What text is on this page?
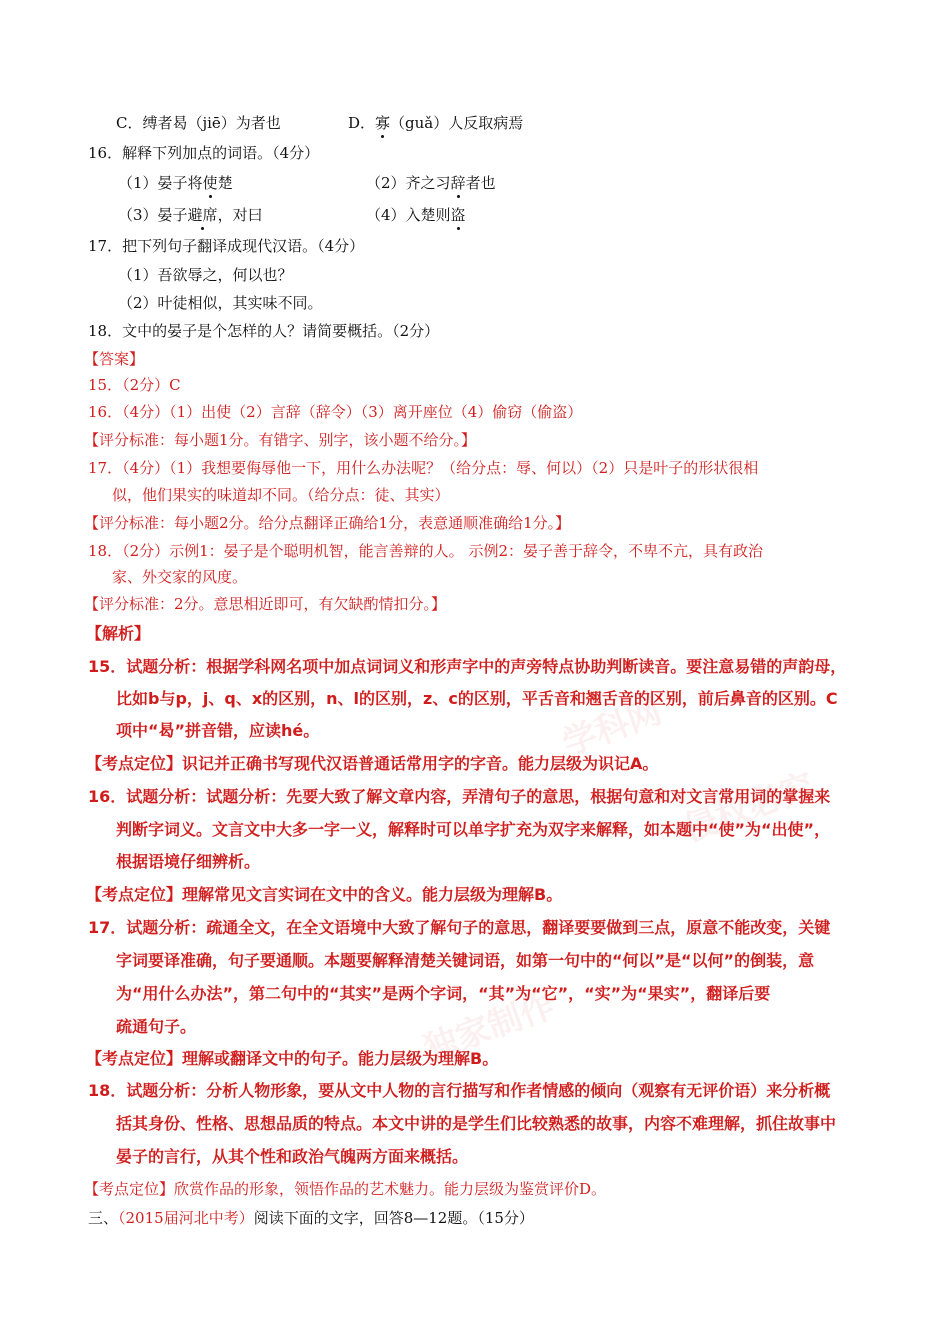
学科网
侵权必究
独家制作
C．缚者曷（jiē）为者也	D．寡（guǎ）人反取病焉
16．解释下列加点的词语。（4分）
（1）晏子将使楚	（2）齐之习辞者也
（3）晏子避席，对曰	（4）入楚则盗
17．把下列句子翻译成现代汉语。（4分）
（1）吾欲辱之，何以也？
（2）叶徒相似，其实味不同。
18．文中的晏子是个怎样的人？请简要概括。（2分）
【答案】
15．（2分）C
16．（4分）（1）出使（2）言辞（辞令）（3）离开座位（4）偷窃（偷盗）
【评分标准：每小题1分。有错字、别字，该小题不给分。】
17．（4分）（1）我想要侮辱他一下，用什么办法呢？（给分点：辱、何以）（2）只是叶子的形状很相
似，他们果实的味道却不同。（给分点：徒、其实）
【评分标准：每小题2分。给分点翻译正确给1分，表意通顺准确给1分。】
18．（2分）示例1：晏子是个聪明机智，能言善辩的人。 示例2：晏子善于辞令，不卑不亢，具有政治
家、外交家的风度。
【评分标准：2分。意思相近即可，有欠缺酌情扣分。】
【解析】
15．试题分析：根据学科网名项中加点词词义和形声字中的声旁特点协助判断读音。要注意易错的声韵母，
比如b与p，j、q、x的区别，n、l的区别，z、c的区别，平舌音和翘舌音的区别，前后鼻音的区别。C
项中“曷”拼音错，应读hé。
【考点定位】识记并正确书写现代汉语普通话常用字的字音。能力层级为识记A。
16．试题分析：试题分析：先要大致了解文章内容，弄清句子的意思，根据句意和对文言常用词的掌握来
判断字词义。文言文中大多一字一义，解释时可以单字扩充为双字来解释，如本题中“使”为“出使”，
根据语境仔细辨析。
【考点定位】理解常见文言实词在文中的含义。能力层级为理解B。
17．试题分析：疏通全文，在全文语境中大致了解句子的意思，翻译要要做到三点，原意不能改变，关键
字词要译准确，句子要通顺。本题要解释清楚关键词语，如第一句中的“何以”是“以何”的倒装，意
为“用什么办法”，第二句中的“其实”是两个字词，“其”为“它”，“实”为“果实”，翻译后要
疏通句子。
【考点定位】理解或翻译文中的句子。能力层级为理解B。
18．试题分析：分析人物形象，要从文中人物的言行描写和作者情感的倾向（观察有无评价语）来分析概
括其身份、性格、思想品质的特点。本文中讲的是学生们比较熟悉的故事，内容不难理解，抓住故事中
晏子的言行，从其个性和政治气魄两方面来概括。
【考点定位】欣赏作品的形象，领悟作品的艺术魅力。能力层级为鉴赏评价D。
三、（2015届河北中考）阅读下面的文字，回答8—12题。（15分）
